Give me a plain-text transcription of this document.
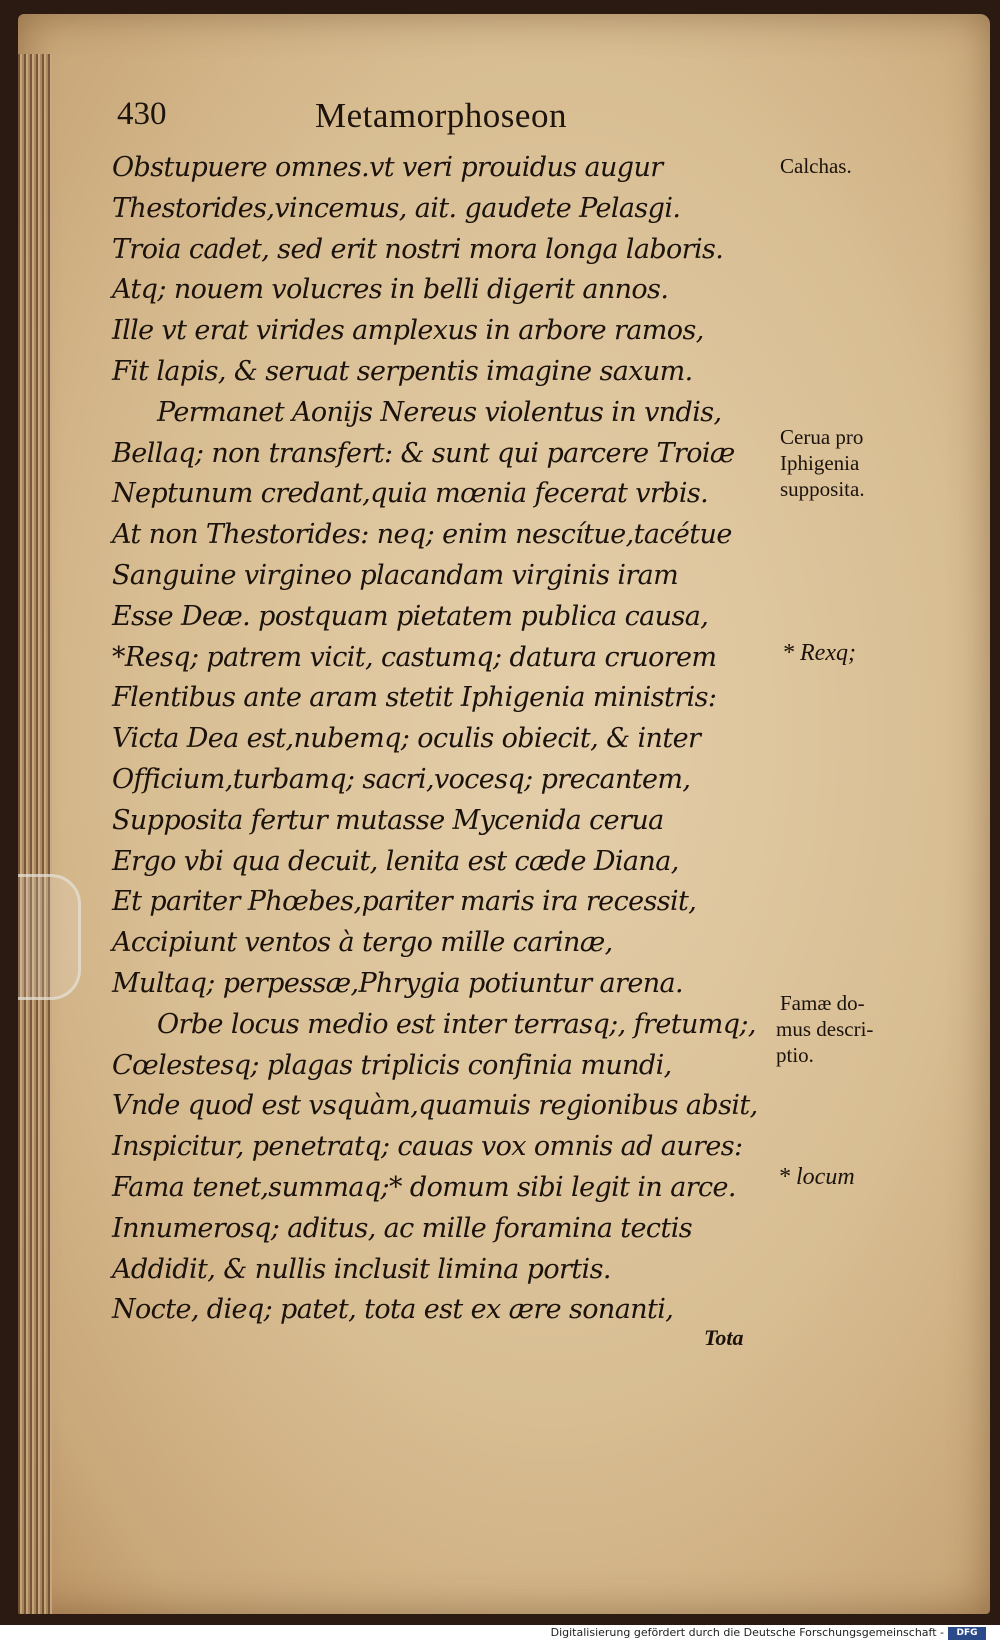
430	Metamorphoseon
Obstupuere omnes.vt veri prouidus augur
Thestorides,vincemus, ait. gaudete Pelasgi.
Troia cadet, sed erit nostri mora longa laboris.
Atq; nouem volucres in belli digerit annos.
Ille vt erat virides amplexus in arbore ramos,
Fit lapis, & seruat serpentis imagine saxum.
Permanet Aonijs Nereus violentus in vndis,
Bellaq; non transfert: & sunt qui parcere Troiæ
Neptunum credant,quia mœnia fecerat vrbis.
At non Thestorides: neq; enim nescítue,tacétue
Sanguine virgineo placandam virginis iram
Esse Deæ. postquam pietatem publica causa,
*Resq; patrem vicit, castumq; datura cruorem
Flentibus ante aram stetit Iphigenia ministris:
Victa Dea est,nubemq; oculis obiecit, & inter
Officium,turbamq; sacri,vocesq; precantem,
Supposita fertur mutasse Mycenida cerua
Ergo vbi qua decuit, lenita est cæde Diana,
Et pariter Phœbes,pariter maris ira recessit,
Accipiunt ventos à tergo mille carinæ,
Multaq; perpessæ,Phrygia potiuntur arena.
Orbe locus medio est inter terrasq;, fretumq;,
Cœlestesq; plagas triplicis confinia mundi,
Vnde quod est vsquàm,quamuis regionibus absit,
Inspicitur, penetratq; cauas vox omnis ad aures:
Fama tenet,summaq;* domum sibi legit in arce.
Innumerosq; aditus, ac mille foramina tectis
Addidit, & nullis inclusit limina portis.
Nocte, dieq; patet, tota est ex ære sonanti,
Calchas.
Cerua pro
Iphigenia
supposita.
* Rexq;
Famæ do-
mus descri-
ptio.
* locum
Tota
Digitalisierung gefördert durch die Deutsche Forschungsgemeinschaft -	DFG
